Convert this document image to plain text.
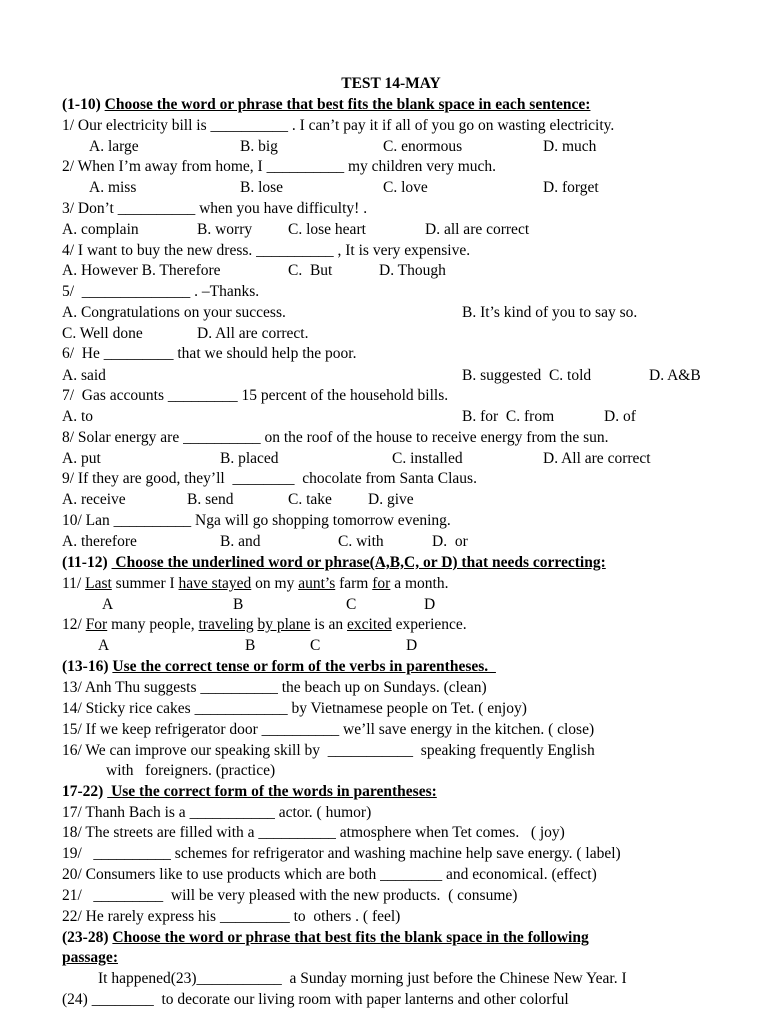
TEST 14-MAY
(1-10) Choose the word or phrase that best fits the blank space in each sentence:
1/ Our electricity bill is __________ . I can’t pay it if all of you go on wasting electricity.

A. large

	B. big

	C. enormous

	D. much

2/ When I’m away from home, I __________ my children very much.

A. miss

	B. lose

	C. love

	D. forget

3/ Don’t __________ when you have difficulty! .

A. complain

	B. worry

C. lose heart

	D. all are correct

4/ I want to buy the new dress. __________ , It is very expensive.

A. However B. Therefore

	C.  But

	D. Though

5/  ______________ . –Thanks.

A. Congratulations on your success.

	B. It’s kind of you to say so.

C. Well done

	D. All are correct.

6/  He _________ that we should help the poor.

A. said

	B. suggested  C. told

	D. A&B

7/  Gas accounts _________ 15 percent of the household bills.

A. to

	B. for  C. from

	D. of

8/ Solar energy are __________ on the roof of the house to receive energy from the sun.

A. put

	B. placed

	C. installed

	D. All are correct

9/ If they are good, they’ll  ________  chocolate from Santa Claus.

A. receive

	B. send

	C. take

D. give

10/ Lan __________ Nga will go shopping tomorrow evening.

A. therefore

	B. and

	C. with

	D.  or

(11-12)  Choose the underlined word or phrase(A,B,C, or D) that needs correcting:
11/ Last summer I have stayed on my aunt’s farm for a month.

A

	B

	C

	D

12/ For many people, traveling by plane is an excited experience.

A

	B

	C

	D

(13-16) Use the correct tense or form of the verbs in parentheses.
13/ Anh Thu suggests __________ the beach up on Sundays. (clean)
14/ Sticky rice cakes ____________ by Vietnamese people on Tet. ( enjoy)
15/ If we keep refrigerator door __________ we’ll save energy in the kitchen. ( close)
16/ We can improve our speaking skill by  ___________  speaking frequently English
with   foreigners. (practice)
17-22)  Use the correct form of the words in parentheses:
17/ Thanh Bach is a ___________ actor. ( humor)
18/ The streets are filled with a __________ atmosphere when Tet comes.   ( joy)
19/   __________ schemes for refrigerator and washing machine help save energy. ( label)
20/ Consumers like to use products which are both ________ and economical. (effect)
21/   _________  will be very pleased with the new products.  ( consume)
22/ He rarely express his _________ to  others . ( feel)
(23-28) Choose the word or phrase that best fits the blank space in the following
passage:
It happened(23)___________  a Sunday morning just before the Chinese New Year. I
(24) ________  to decorate our living room with paper lanterns and other colorful
